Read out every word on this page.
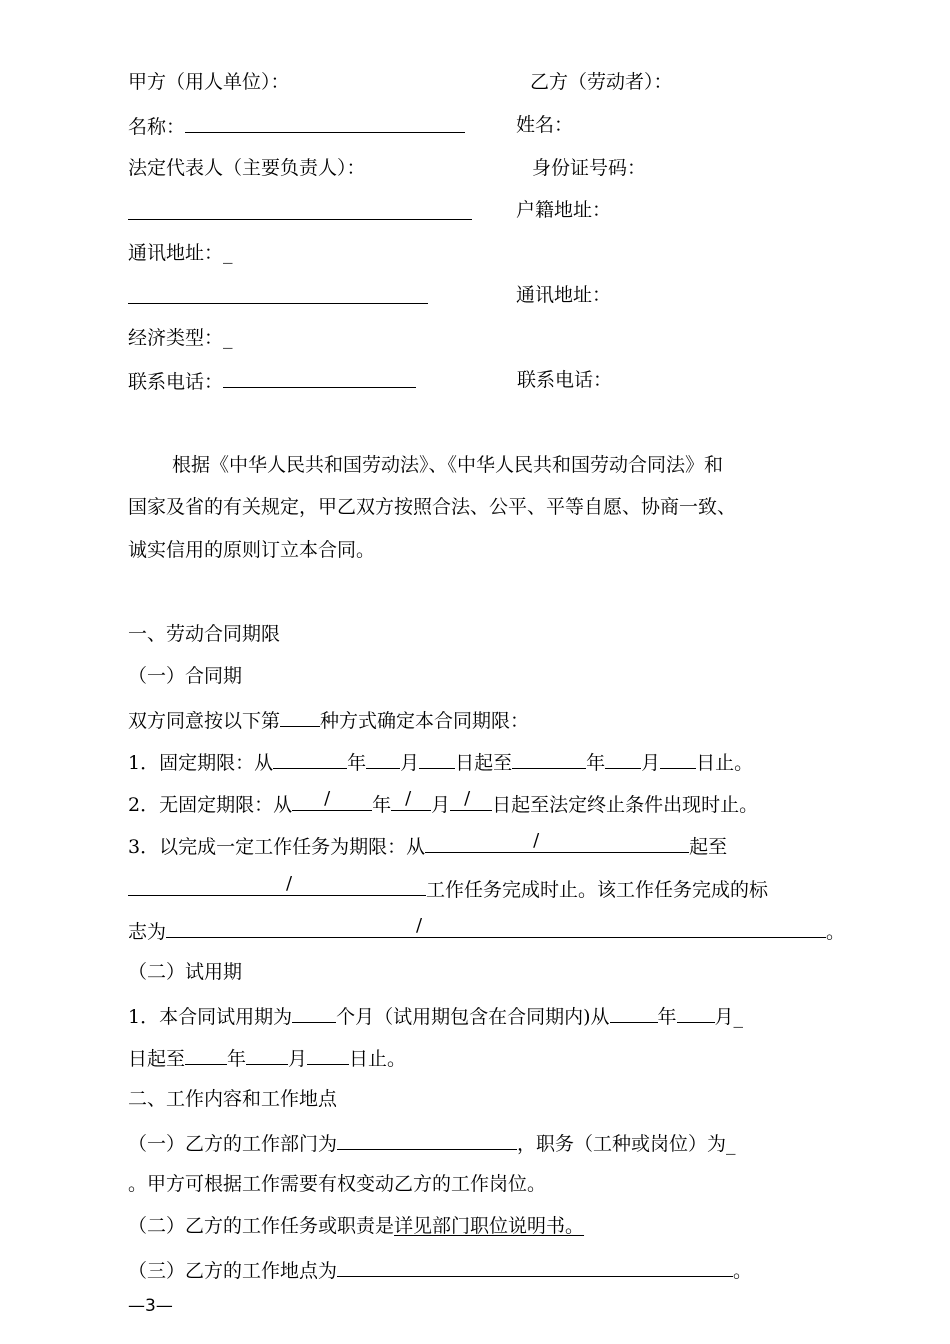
甲方（用人单位）：	乙方（劳动者）：
名称：	姓名：
法定代表人（主要负责人）：	身份证号码：
户籍地址：
通讯地址：_
通讯地址：
经济类型：_
联系电话：	联系电话：
根据《中华人民共和国劳动法》、《中华人民共和国劳动合同法》和
国家及省的有关规定，甲乙双方按照合法、公平、平等自愿、协商一致、
诚实信用的原则订立本合同。
一、劳动合同期限
（一）合同期
双方同意按以下第 种方式确定本合同期限：
1．固定期限：从	年 月 日起至	年 月 日止。
2．无固定期限：从 / 年 / 月 / 日起至法定终止条件出现时止。
3．以完成一定工作任务为期限：从	/	起至
/	工作任务完成时止。该工作任务完成的标
志为	/	。
（二）试用期
1．本合同试用期为 个月（试用期包含在合同期内)从	年 月_
日起至 年 月 日止。
二、工作内容和工作地点
（一）乙方的工作部门为	，职务（工种或岗位）为_
。甲方可根据工作需要有权变动乙方的工作岗位。
（二）乙方的工作任务或职责是详见部门职位说明书。
（三）乙方的工作地点为	。
—3—
